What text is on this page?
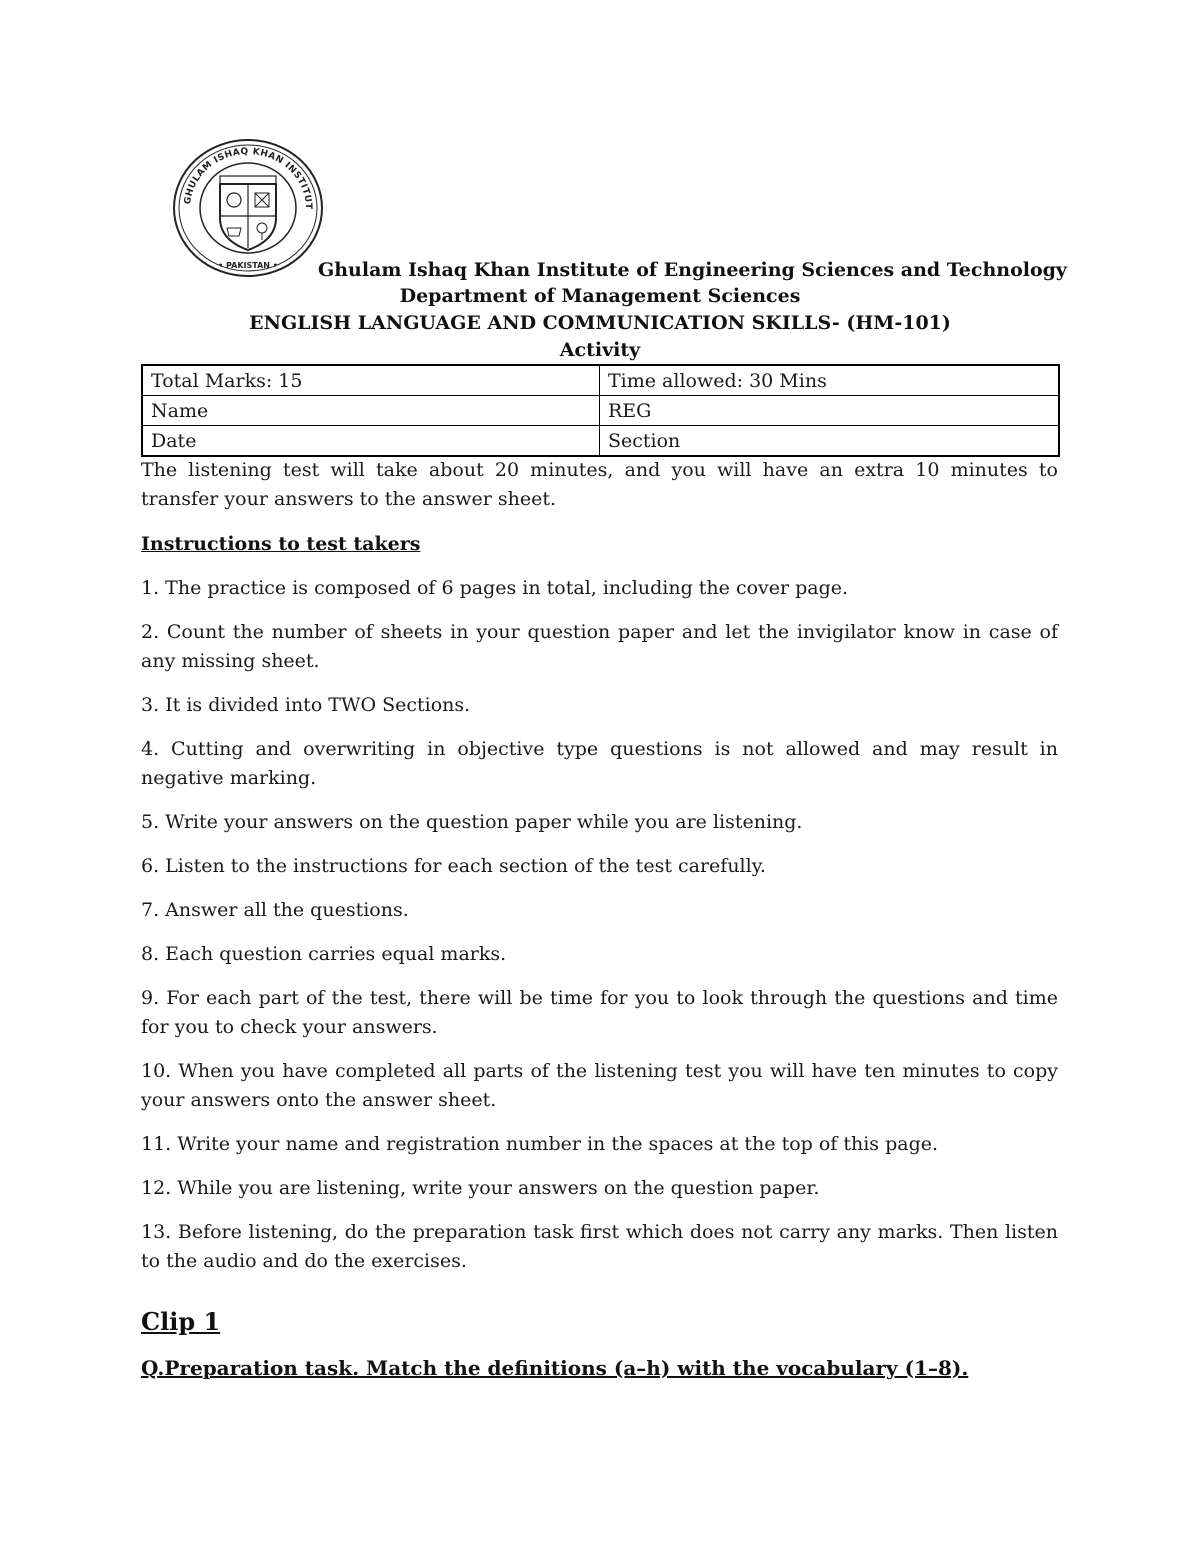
GHULAM ISHAQ KHAN INSTITUT
• PAKISTAN • Ghulam Ishaq Khan Institute of Engineering Sciences and Technology
Department of Management Sciences
ENGLISH LANGUAGE AND COMMUNICATION SKILLS- (HM-101)
Activity
Total Marks: 15	Time allowed: 30 Mins
Name	REG
Date	Section
The listening test will take about 20 minutes, and you will have an extra 10 minutes to transfer your answers to the answer sheet.
Instructions to test takers
1. The practice is composed of 6 pages in total, including the cover page.
2. Count the number of sheets in your question paper and let the invigilator know in case of any missing sheet.
3. It is divided into TWO Sections.
4. Cutting and overwriting in objective type questions is not allowed and may result in negative marking.
5. Write your answers on the question paper while you are listening.
6. Listen to the instructions for each section of the test carefully.
7. Answer all the questions.
8. Each question carries equal marks.
9. For each part of the test, there will be time for you to look through the questions and time for you to check your answers.
10. When you have completed all parts of the listening test you will have ten minutes to copy your answers onto the answer sheet.
11. Write your name and registration number in the spaces at the top of this page.
12. While you are listening, write your answers on the question paper.
13. Before listening, do the preparation task first which does not carry any marks. Then listen to the audio and do the exercises.
Clip 1
Q.Preparation task. Match the definitions (a–h) with the vocabulary (1–8).
